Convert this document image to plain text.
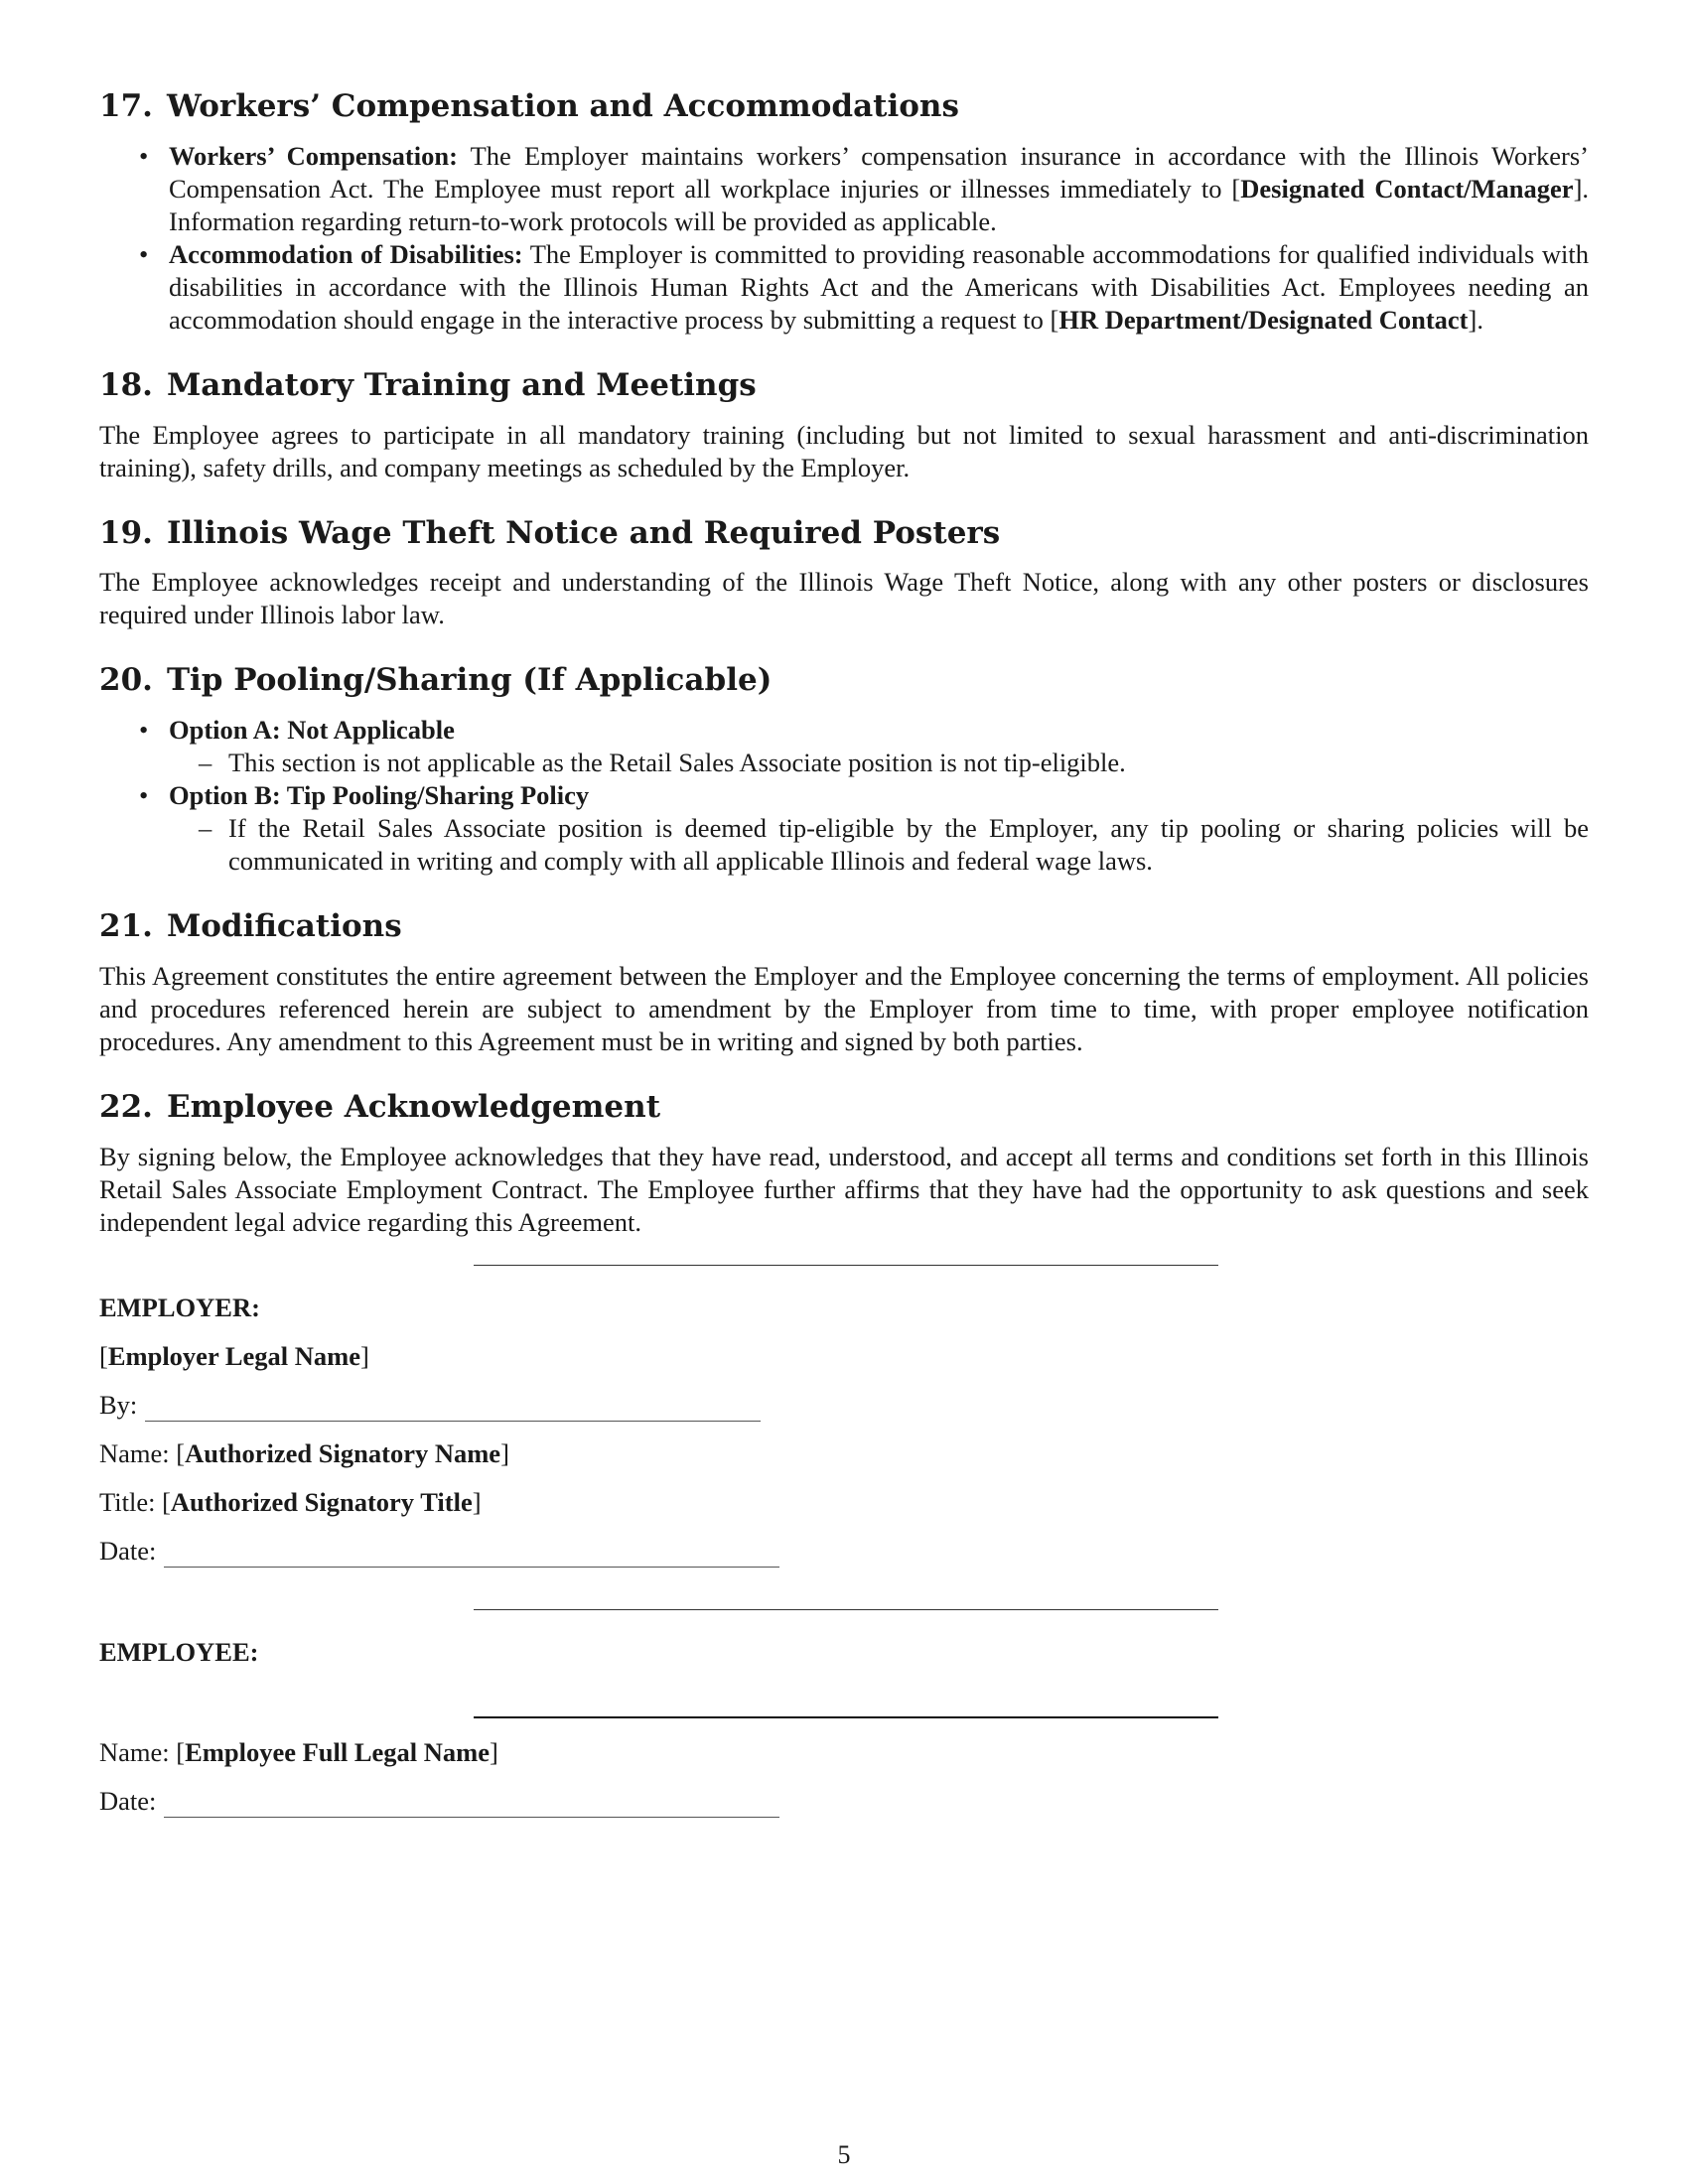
17. Workers’ Compensation and Accommodations
• Workers’ Compensation: The Employer maintains workers’ compensation insurance in accordance with the Illinois Workers’ Compensation Act. The Employee must report all workplace injuries or illnesses immediately to [Designated Contact/Manager]. Information regarding return-to-work protocols will be provided as applicable.
• Accommodation of Disabilities: The Employer is committed to providing reasonable accommodations for qualified individuals with disabilities in accordance with the Illinois Human Rights Act and the Americans with Disabilities Act. Employees needing an accommodation should engage in the interactive process by submitting a request to [HR Department/Designated Contact].
18. Mandatory Training and Meetings

The Employee agrees to participate in all mandatory training (including but not limited to sexual harassment and anti-discrimination training), safety drills, and company meetings as scheduled by the Employer.

19. Illinois Wage Theft Notice and Required Posters

The Employee acknowledges receipt and understanding of the Illinois Wage Theft Notice, along with any other posters or disclosures required under Illinois labor law.

20. Tip Pooling/Sharing (If Applicable)
• Option A: Not Applicable
– This section is not applicable as the Retail Sales Associate position is not tip-eligible.
• Option B: Tip Pooling/Sharing Policy
– If the Retail Sales Associate position is deemed tip-eligible by the Employer, any tip pooling or sharing policies will be communicated in writing and comply with all applicable Illinois and federal wage laws.
21. Modifications

This Agreement constitutes the entire agreement between the Employer and the Employee concerning the terms of employment. All policies and procedures referenced herein are subject to amendment by the Employer from time to time, with proper employee notification procedures. Any amendment to this Agreement must be in writing and signed by both parties.

22. Employee Acknowledgement

By signing below, the Employee acknowledges that they have read, understood, and accept all terms and conditions set forth in this Illinois Retail Sales Associate Employment Contract. The Employee further affirms that they have had the opportunity to ask questions and seek independent legal advice regarding this Agreement.

EMPLOYER:

[Employer Legal Name]

By:

Name: [Authorized Signatory Name]

Title: [Authorized Signatory Title]

Date:

EMPLOYEE:

Name: [Employee Full Legal Name]

Date:
5
